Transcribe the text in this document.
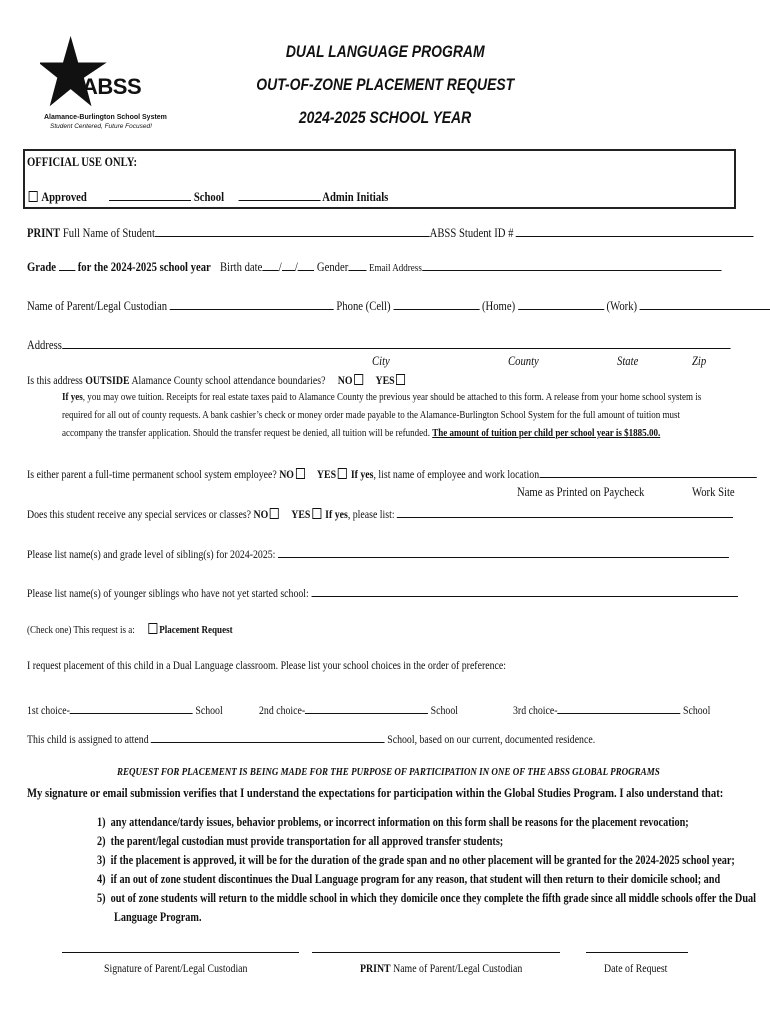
ABSS
Alamance-Burlington School System
Student Centered, Future Focused!
DUAL LANGUAGE PROGRAM
OUT-OF-ZONE PLACEMENT REQUEST
2024-2025 SCHOOL YEAR
OFFICIAL USE ONLY:
Approved	School	Admin Initials
PRINT Full Name of Student	ABSS Student ID #
Grade for the 2024-2025 school year Birth date / / Gender Email Address
Name of Parent/Legal Custodian	Phone (Cell)	(Home)	(Work)
Address
City	County	State	Zip
Is this address OUTSIDE Alamance County school attendance boundaries? NO YES
If yes, you may owe tuition. Receipts for real estate taxes paid to Alamance County the previous year should be attached to this form. A release from your home school system is
required for all out of county requests. A bank cashier’s check or money order made payable to the Alamance-Burlington School System for the full amount of tuition must
accompany the transfer application. Should the transfer request be denied, all tuition will be refunded. The amount of tuition per child per school year is $1885.00.
Is either parent a full-time permanent school system employee? NO YES If yes, list name of employee and work location
Name as Printed on Paycheck	Work Site
Does this student receive any special services or classes? NO YES If yes, please list:
Please list name(s) and grade level of sibling(s) for 2024-2025:
Please list name(s) of younger siblings who have not yet started school:
(Check one) This request is a: Placement Request
I request placement of this child in a Dual Language classroom. Please list your school choices in the order of preference:
1st choice-	School	2nd choice-	School	3rd choice-	School
This child is assigned to attend	School, based on our current, documented residence.
REQUEST FOR PLACEMENT IS BEING MADE FOR THE PURPOSE OF PARTICIPATION IN ONE OF THE ABSS GLOBAL PROGRAMS
My signature or email submission verifies that I understand the expectations for participation within the Global Studies Program. I also understand that:
1) any attendance/tardy issues, behavior problems, or incorrect information on this form shall be reasons for the placement revocation;
2) the parent/legal custodian must provide transportation for all approved transfer students;
3) if the placement is approved, it will be for the duration of the grade span and no other placement will be granted for the 2024-2025 school year;
4) if an out of zone student discontinues the Dual Language program for any reason, that student will then return to their domicile school; and
5) out of zone students will return to the middle school in which they domicile once they complete the fifth grade since all middle schools offer the Dual
Language Program.
Signature of Parent/Legal Custodian	PRINT Name of Parent/Legal Custodian	Date of Request
